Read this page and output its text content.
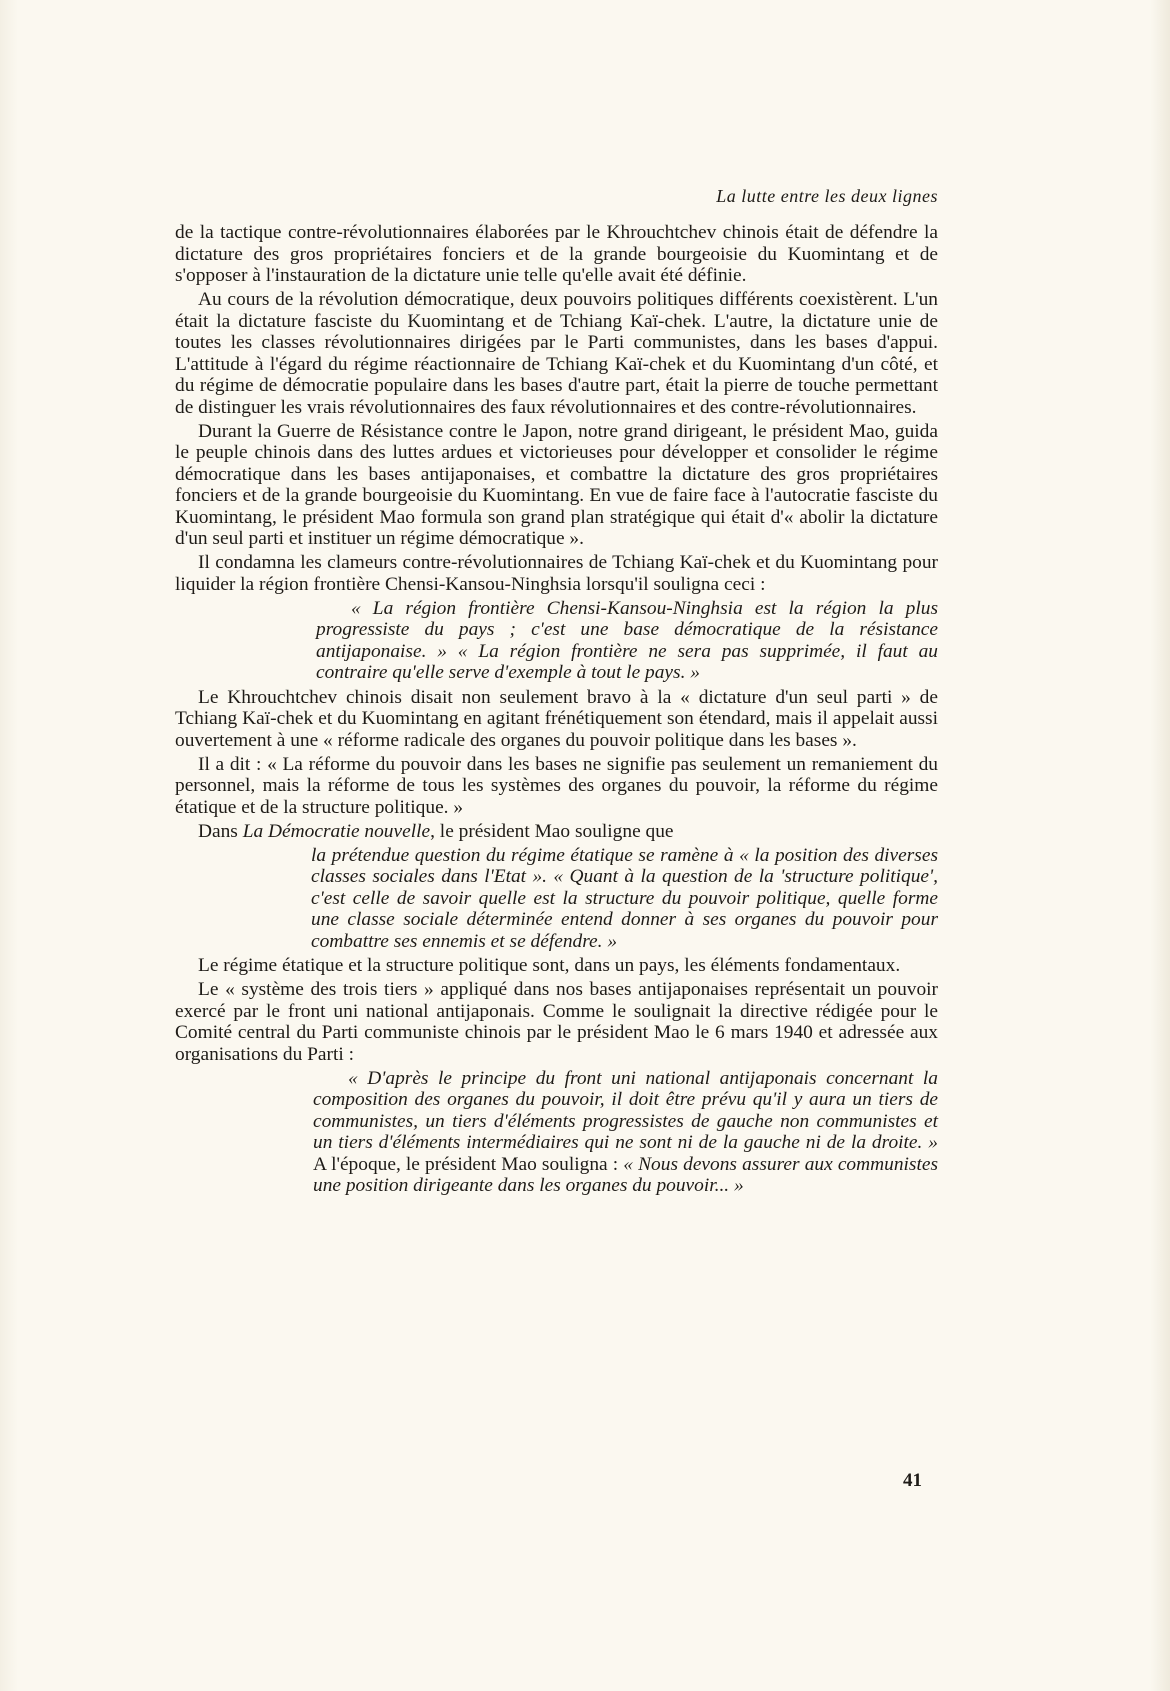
La lutte entre les deux lignes

de la tactique contre-révolutionnaires élaborées par le Khrouchtchev chinois était de défendre la dictature des gros propriétaires fonciers et de la grande bourgeoisie du Kuomintang et de s'opposer à l'instauration de la dictature unie telle qu'elle avait été définie.

Au cours de la révolution démocratique, deux pouvoirs politiques différents coexistèrent. L'un était la dictature fasciste du Kuomintang et de Tchiang Kaï-chek. L'autre, la dictature unie de toutes les classes révolutionnaires dirigées par le Parti communistes, dans les bases d'appui. L'attitude à l'égard du régime réactionnaire de Tchiang Kaï-chek et du Kuomintang d'un côté, et du régime de démocratie populaire dans les bases d'autre part, était la pierre de touche permettant de distinguer les vrais révolutionnaires des faux révolutionnaires et des contre-révolutionnaires.

Durant la Guerre de Résistance contre le Japon, notre grand dirigeant, le président Mao, guida le peuple chinois dans des luttes ardues et victorieuses pour développer et consolider le régime démocratique dans les bases antijaponaises, et combattre la dictature des gros propriétaires fonciers et de la grande bourgeoisie du Kuomintang. En vue de faire face à l'autocratie fasciste du Kuomintang, le président Mao formula son grand plan stratégique qui était d'« abolir la dictature d'un seul parti et instituer un régime démocratique ».

Il condamna les clameurs contre-révolutionnaires de Tchiang Kaï-chek et du Kuomintang pour liquider la région frontière Chensi-Kansou-Ninghsia lorsqu'il souligna ceci :

« La région frontière Chensi-Kansou-Ninghsia est la région la plus progressiste du pays ; c'est une base démocratique de la résistance antijaponaise. » « La région frontière ne sera pas supprimée, il faut au contraire qu'elle serve d'exemple à tout le pays. »

Le Khrouchtchev chinois disait non seulement bravo à la « dictature d'un seul parti » de Tchiang Kaï-chek et du Kuomintang en agitant frénétiquement son étendard, mais il appelait aussi ouvertement à une « réforme radicale des organes du pouvoir politique dans les bases ».

Il a dit : « La réforme du pouvoir dans les bases ne signifie pas seulement un remaniement du personnel, mais la réforme de tous les systèmes des organes du pouvoir, la réforme du régime étatique et de la structure politique. »

Dans La Démocratie nouvelle, le président Mao souligne que

la prétendue question du régime étatique se ramène à « la position des diverses classes sociales dans l'Etat ». « Quant à la question de la 'structure politique', c'est celle de savoir quelle est la structure du pouvoir politique, quelle forme une classe sociale déterminée entend donner à ses organes du pouvoir pour combattre ses ennemis et se défendre. »

Le régime étatique et la structure politique sont, dans un pays, les éléments fondamentaux.

Le « système des trois tiers » appliqué dans nos bases antijaponaises représentait un pouvoir exercé par le front uni national antijaponais. Comme le soulignait la directive rédigée pour le Comité central du Parti communiste chinois par le président Mao le 6 mars 1940 et adressée aux organisations du Parti :

« D'après le principe du front uni national antijaponais concernant la composition des organes du pouvoir, il doit être prévu qu'il y aura un tiers de communistes, un tiers d'éléments progressistes de gauche non communistes et un tiers d'éléments intermédiaires qui ne sont ni de la gauche ni de la droite. » A l'époque, le président Mao souligna : « Nous devons assurer aux communistes une position dirigeante dans les organes du pouvoir... »

41
